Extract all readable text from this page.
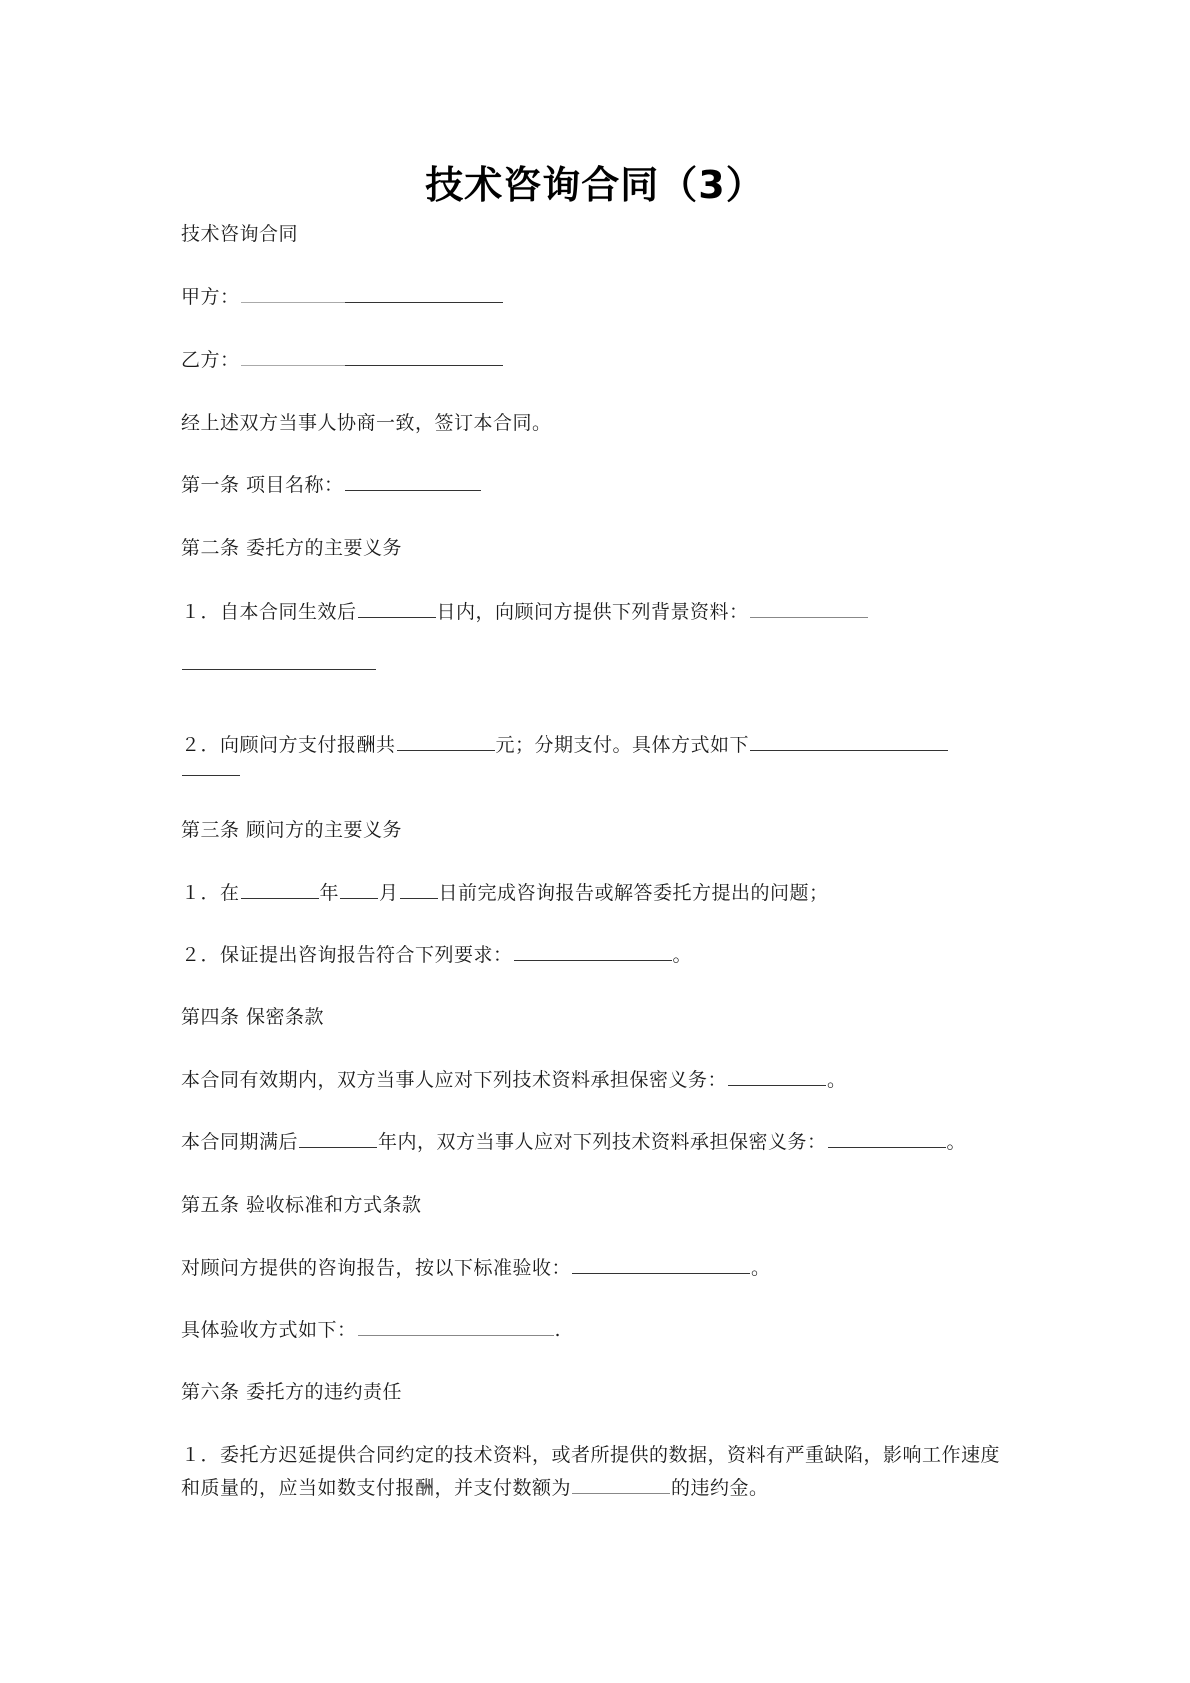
技术咨询合同（3）
技术咨询合同
甲方：
乙方：
经上述双方当事人协商一致，签订本合同。
第一条 项目名称：
第二条 委托方的主要义务
１．自本合同生效后	日内，向顾问方提供下列背景资料：
２．向顾问方支付报酬共	元；分期支付。具体方式如下
第三条 顾问方的主要义务
１．在	年 月 日前完成咨询报告或解答委托方提出的问题；
２．保证提出咨询报告符合下列要求：	。
第四条 保密条款
本合同有效期内，双方当事人应对下列技术资料承担保密义务：	。
本合同期满后	年内，双方当事人应对下列技术资料承担保密义务：	。
第五条 验收标准和方式条款
对顾问方提供的咨询报告，按以下标准验收：	。
具体验收方式如下：	.
第六条 委托方的违约责任
１．委托方迟延提供合同约定的技术资料，或者所提供的数据，资料有严重缺陷，影响工作速度和质量的，应当如数支付报酬，并支付数额为	的违约金。
